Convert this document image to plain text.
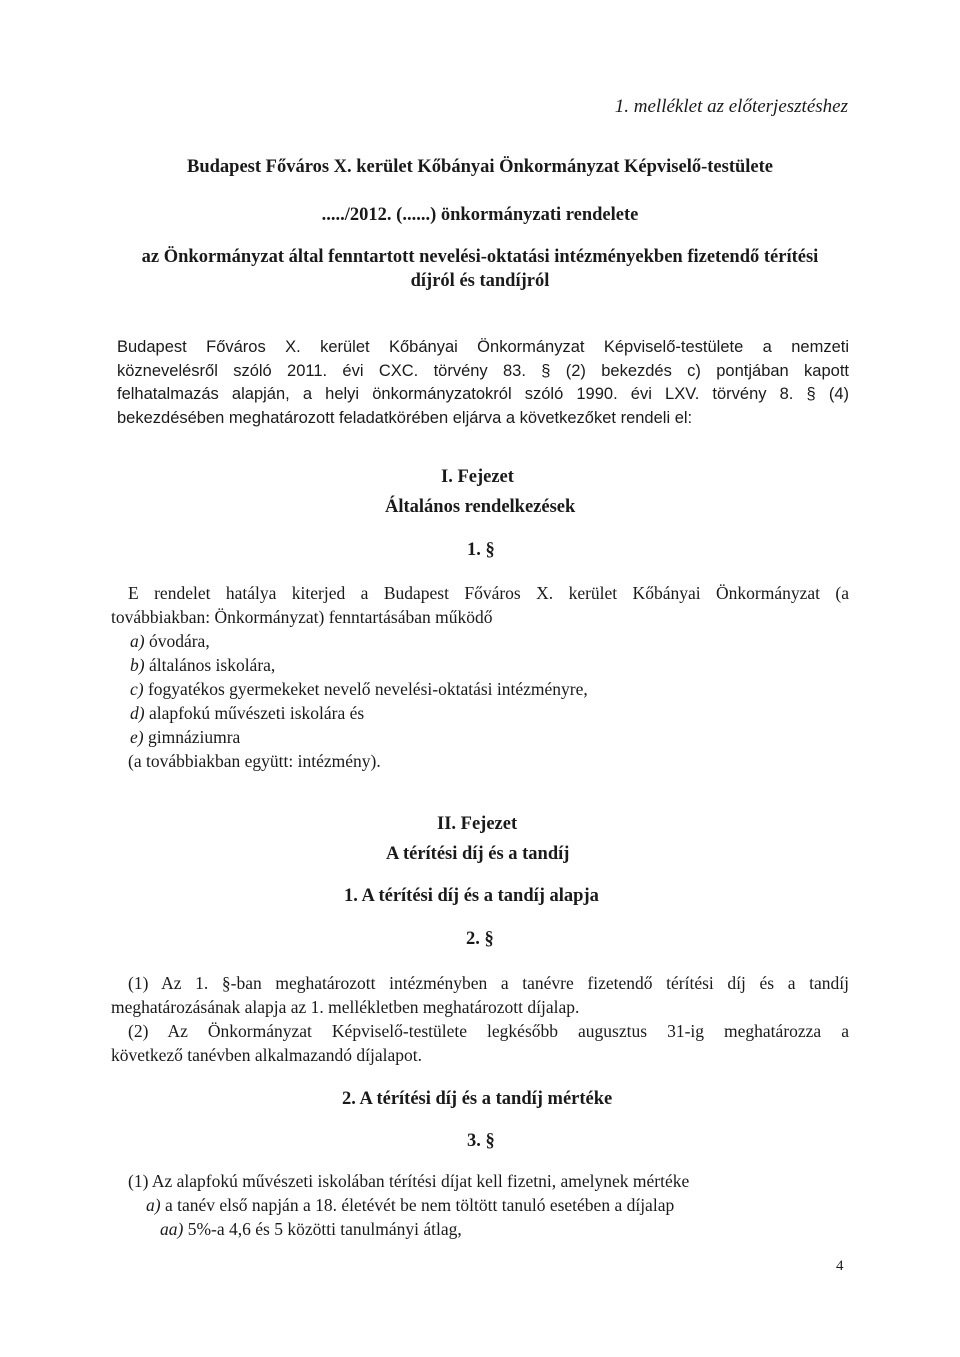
1. melléklet az előterjesztéshez
Budapest Főváros X. kerület Kőbányai Önkormányzat Képviselő-testülete
...../2012. (......) önkormányzati rendelete
az Önkormányzat által fenntartott nevelési-oktatási intézményekben fizetendő térítési
díjról és tandíjról

Budapest Főváros X. kerület Kőbányai Önkormányzat Képviselő-testülete a nemzeti

köznevelésről szóló 2011. évi CXC. törvény 83. § (2) bekezdés c) pontjában kapott

felhatalmazás alapján, a helyi önkormányzatokról szóló 1990. évi LXV. törvény 8. § (4)

bekezdésében meghatározott feladatkörében eljárva a következőket rendeli el:

I. Fejezet
Általános rendelkezések
1. §
E rendelet hatálya kiterjed a Budapest Főváros X. kerület Kőbányai Önkormányzat (a
továbbiakban: Önkormányzat) fenntartásában működő
a) óvodára,
b) általános iskolára,
c) fogyatékos gyermekeket nevelő nevelési-oktatási intézményre,
d) alapfokú művészeti iskolára és
e) gimnáziumra
(a továbbiakban együtt: intézmény).
II. Fejezet
A térítési díj és a tandíj
1. A térítési díj és a tandíj alapja
2. §
(1) Az 1. §-ban meghatározott intézményben a tanévre fizetendő térítési díj és a tandíj
meghatározásának alapja az 1. mellékletben meghatározott díjalap.
(2) Az Önkormányzat Képviselő-testülete legkésőbb augusztus 31-ig meghatározza a
következő tanévben alkalmazandó díjalapot.
2. A térítési díj és a tandíj mértéke
3. §
(1) Az alapfokú művészeti iskolában térítési díjat kell fizetni, amelynek mértéke
a) a tanév első napján a 18. életévét be nem töltött tanuló esetében a díjalap
aa) 5%-a 4,6 és 5 közötti tanulmányi átlag,
4
